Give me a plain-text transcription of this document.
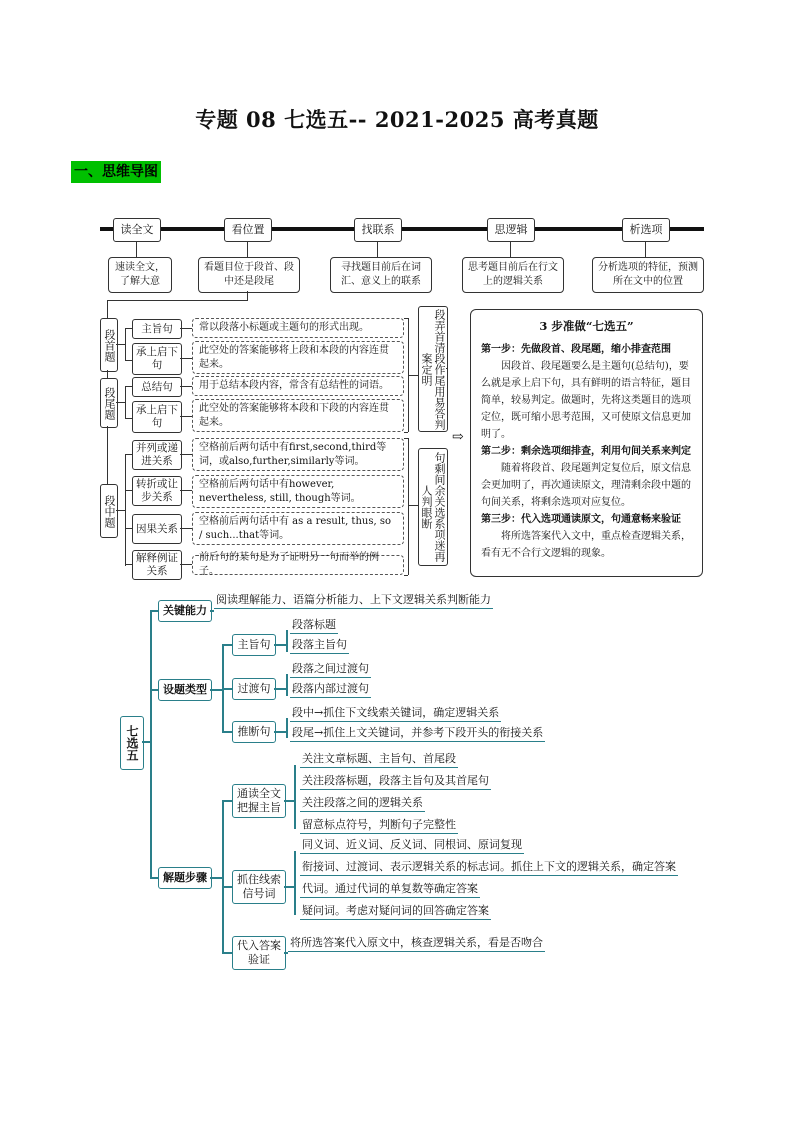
专题 08 七选五-- 2021-2025 高考真题
一、思维导图
读全文	看位置	找联系	思逻辑	析选项
速读全文，了解大意
看题目位于段首、段中还是段尾
寻找题目前后在词汇、意义上的联系
思考题目前后在行文上的逻辑关系
分析选项的特征，预测所在文中的位置
段首题	主旨句
承上启下句
常以段落小标题或主题句的形式出现。
此空处的答案能够将上段和本段的内容连贯起来。
段尾题	总结句
承上启下句
用于总结本段内容，常含有总结性的词语。
此空处的答案能够将本段和下段的内容连贯起来。
段中题
并列或递进关系
转折或让步关系
因果关系
解释例证关系
空格前后两句话中有first,second,third等词，或also,further,similarly等词。
空格前后两句话中有however, nevertheless, still, though等词。
空格前后两句话中有 as a result, thus, so / such...that等词。
前后句的某句是为了证明另一句而举的例子。
段弄首清段作尾用易答判案定明
句剩间余关选系项迷再人判眼断
⇨
3 步准做“七选五”
第一步：先做段首、段尾题，缩小排查范围
因段首、段尾题要么是主题句(总结句)，要么就是承上启下句，具有鲜明的语言特征，题目简单，较易判定。做题时，先将这类题目的选项定位，既可缩小思考范围，又可使原文信息更加明了。
第二步：剩余选项细排查，利用句间关系来判定
随着将段首、段尾题判定复位后，原文信息会更加明了，再次通读原文，理清剩余段中题的句间关系，将剩余选项对应复位。
第三步：代入选项通读原文，句通意畅来验证
将所选答案代入文中，重点检查逻辑关系，看有无不合行文逻辑的现象。
七选五
关键能力
阅读理解能力、语篇分析能力、上下文逻辑关系判断能力
设题类型
主旨句
段落标题
段落主旨句
过渡句
段落之间过渡句
段落内部过渡句
推断句
段中→抓住下文线索关键词，确定逻辑关系
段尾→抓住上文关键词，并参考下段开头的衔接关系
解题步骤
通读全文把握主旨
关注文章标题、主旨句、首尾段
关注段落标题，段落主旨句及其首尾句
关注段落之间的逻辑关系
留意标点符号，判断句子完整性
抓住线索信号词
同义词、近义词、反义词、同根词、原词复现
衔接词、过渡词、表示逻辑关系的标志词。抓住上下文的逻辑关系，确定答案
代词。通过代词的单复数等确定答案
疑问词。考虑对疑问词的回答确定答案
代入答案验证
将所选答案代入原文中，核查逻辑关系，看是否吻合
